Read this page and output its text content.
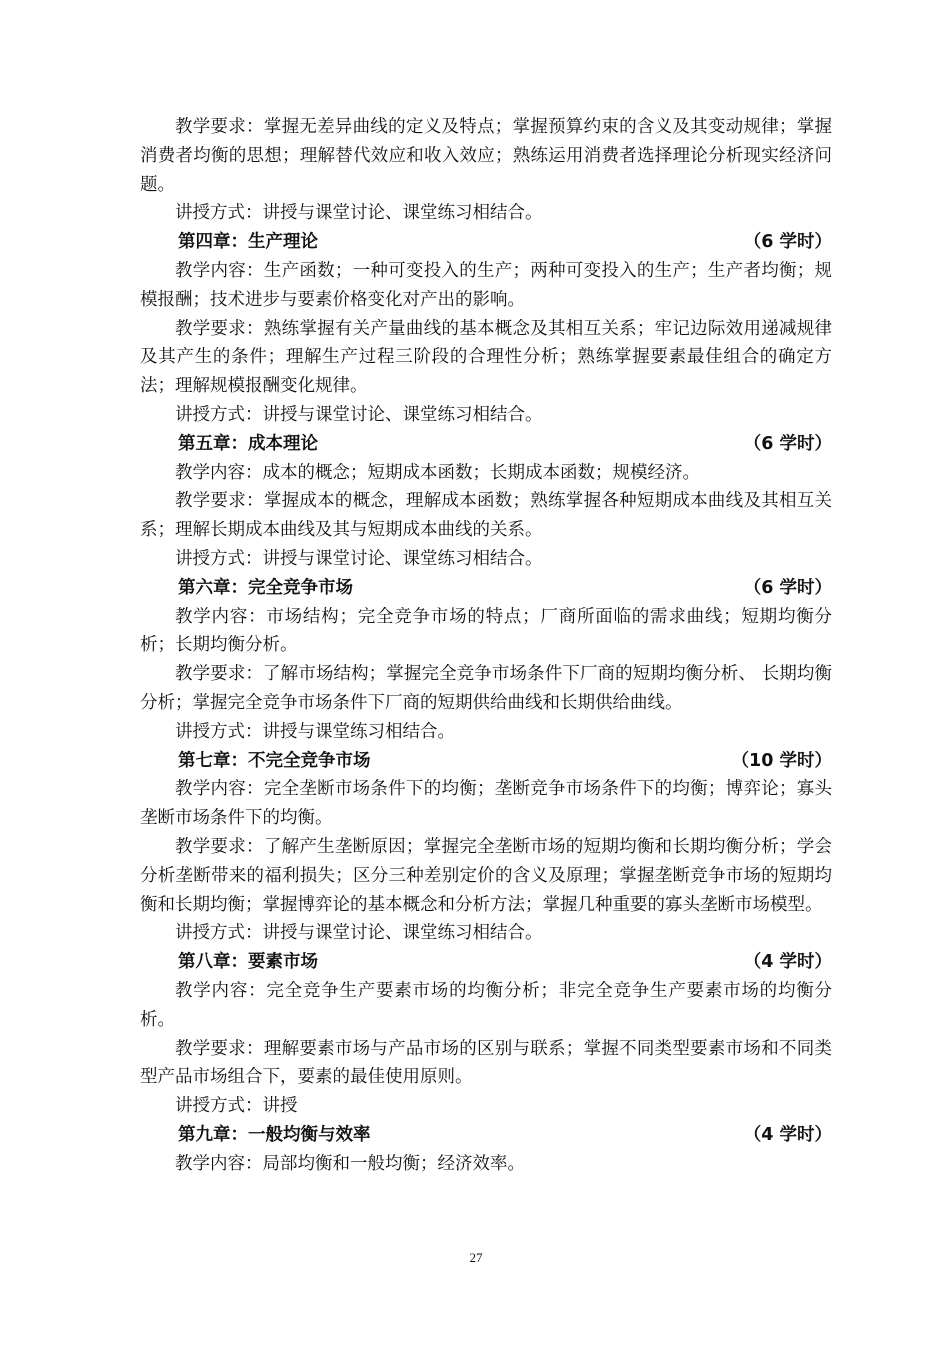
教学要求：掌握无差异曲线的定义及特点；掌握预算约束的含义及其变动规律；掌握消费者均衡的思想；理解替代效应和收入效应；熟练运用消费者选择理论分析现实经济问题。

讲授方式：讲授与课堂讨论、课堂练习相结合。

第四章：生产理论	（6 学时）

教学内容：生产函数；一种可变投入的生产；两种可变投入的生产；生产者均衡；规模报酬；技术进步与要素价格变化对产出的影响。

教学要求：熟练掌握有关产量曲线的基本概念及其相互关系；牢记边际效用递减规律及其产生的条件；理解生产过程三阶段的合理性分析；熟练掌握要素最佳组合的确定方法；理解规模报酬变化规律。

讲授方式：讲授与课堂讨论、课堂练习相结合。

第五章：成本理论	（6 学时）

教学内容：成本的概念；短期成本函数；长期成本函数；规模经济。

教学要求：掌握成本的概念，理解成本函数；熟练掌握各种短期成本曲线及其相互关系；理解长期成本曲线及其与短期成本曲线的关系。

讲授方式：讲授与课堂讨论、课堂练习相结合。

第六章：完全竞争市场	（6 学时）

教学内容：市场结构；完全竞争市场的特点；厂商所面临的需求曲线；短期均衡分析；长期均衡分析。

教学要求：了解市场结构；掌握完全竞争市场条件下厂商的短期均衡分析、 长期均衡分析；掌握完全竞争市场条件下厂商的短期供给曲线和长期供给曲线。

讲授方式：讲授与课堂练习相结合。

第七章：不完全竞争市场	（10 学时）

教学内容：完全垄断市场条件下的均衡；垄断竞争市场条件下的均衡；博弈论；寡头垄断市场条件下的均衡。

教学要求：了解产生垄断原因；掌握完全垄断市场的短期均衡和长期均衡分析；学会分析垄断带来的福利损失；区分三种差别定价的含义及原理；掌握垄断竞争市场的短期均衡和长期均衡；掌握博弈论的基本概念和分析方法；掌握几种重要的寡头垄断市场模型。

讲授方式：讲授与课堂讨论、课堂练习相结合。

第八章：要素市场	（4 学时）

教学内容：完全竞争生产要素市场的均衡分析；非完全竞争生产要素市场的均衡分析。

教学要求：理解要素市场与产品市场的区别与联系；掌握不同类型要素市场和不同类型产品市场组合下，要素的最佳使用原则。

讲授方式：讲授

第九章：一般均衡与效率	（4 学时）

教学内容：局部均衡和一般均衡；经济效率。

27
